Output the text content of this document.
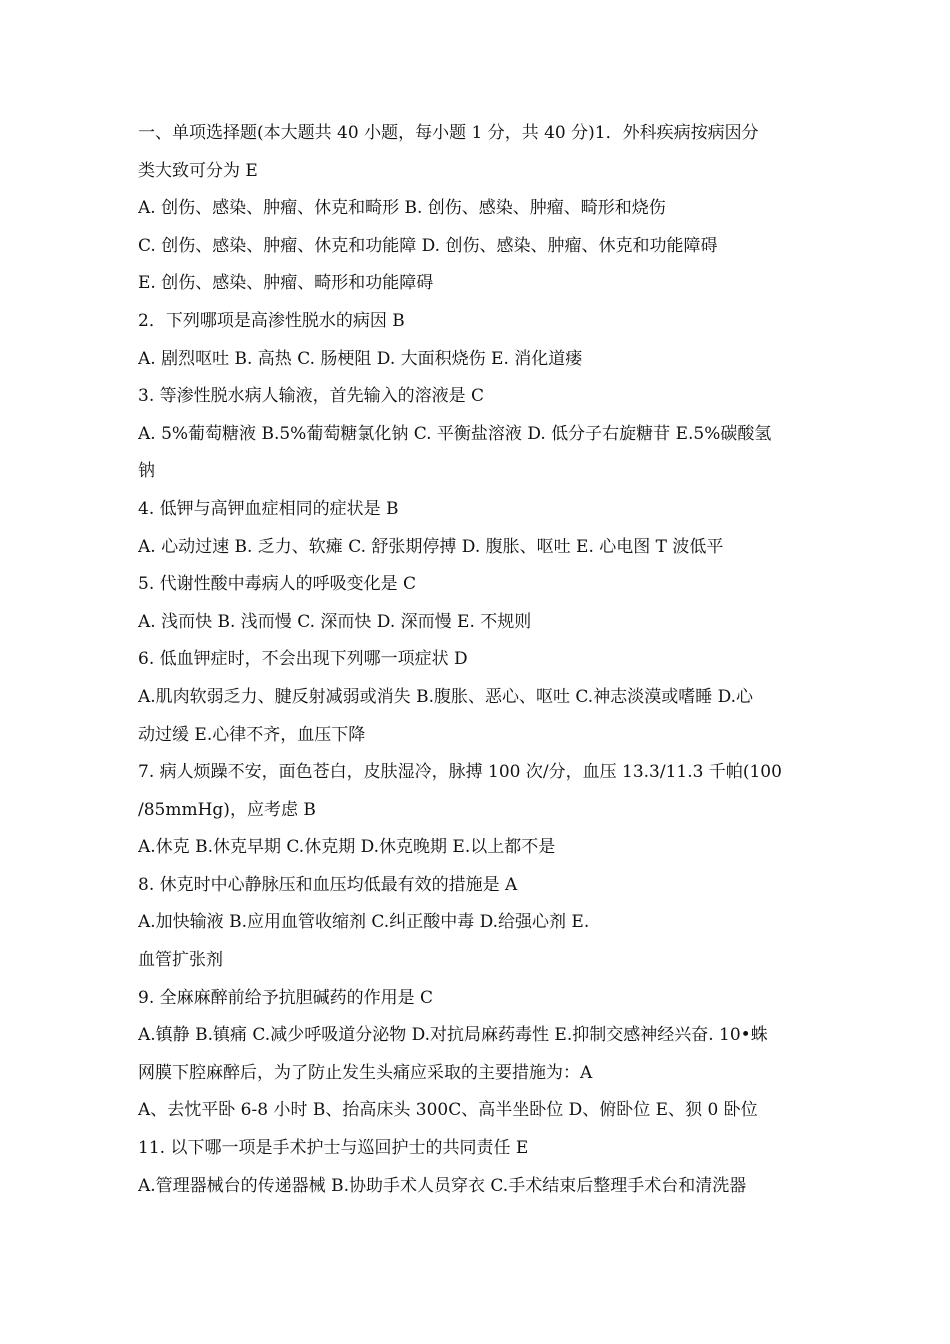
一、单项选择题(本大题共 40 小题，每小题 1 分，共 40 分)1．外科疾病按病因分
类大致可分为 E
A. 创伤、感染、肿瘤、休克和畸形 B. 创伤、感染、肿瘤、畸形和烧伤
C. 创伤、感染、肿瘤、休克和功能障 D. 创伤、感染、肿瘤、休克和功能障碍
E. 创伤、感染、肿瘤、畸形和功能障碍
2．下列哪项是高渗性脱水的病因 B
A. 剧烈呕吐 B. 高热 C. 肠梗阻 D. 大面积烧伤 E. 消化道瘘
3. 等渗性脱水病人输液，首先输入的溶液是 C
A. 5%葡萄糖液 B.5%葡萄糖氯化钠 C. 平衡盐溶液 D. 低分子右旋糖苷 E.5%碳酸氢
钠
4. 低钾与高钾血症相同的症状是 B
A. 心动过速 B. 乏力、软瘫 C. 舒张期停搏 D. 腹胀、呕吐 E. 心电图 T 波低平
5. 代谢性酸中毒病人的呼吸变化是 C
A. 浅而快 B. 浅而慢 C. 深而快 D. 深而慢 E. 不规则
6. 低血钾症时，不会出现下列哪一项症状 D
A.肌肉软弱乏力、腱反射减弱或消失 B.腹胀、恶心、呕吐 C.神志淡漠或嗜睡 D.心
动过缓 E.心律不齐，血压下降
7. 病人烦躁不安，面色苍白，皮肤湿冷，脉搏 100 次/分，血压 13.3/11.3 千帕(100
/85mmHg)，应考虑 B
A.休克 B.休克早期 C.休克期 D.休克晚期 E.以上都不是
8. 休克时中心静脉压和血压均低最有效的措施是 A
A.加快输液 B.应用血管收缩剂 C.纠正酸中毒 D.给强心剂 E.
血管扩张剂
9. 全麻麻醉前给予抗胆碱药的作用是 C
A.镇静 B.镇痛 C.减少呼吸道分泌物 D.对抗局麻药毒性 E.抑制交感神经兴奋. 10•蛛
网膜下腔麻醉后，为了防止发生头痛应采取的主要措施为：A
A、去忱平卧 6-8 小时 B、抬高床头 300C、高半坐卧位 D、俯卧位 E、狈 0 卧位
11. 以下哪一项是手术护士与巡回护士的共同责任 E
A.管理器械台的传递器械 B.协助手术人员穿衣 C.手术结束后整理手术台和清洗器
